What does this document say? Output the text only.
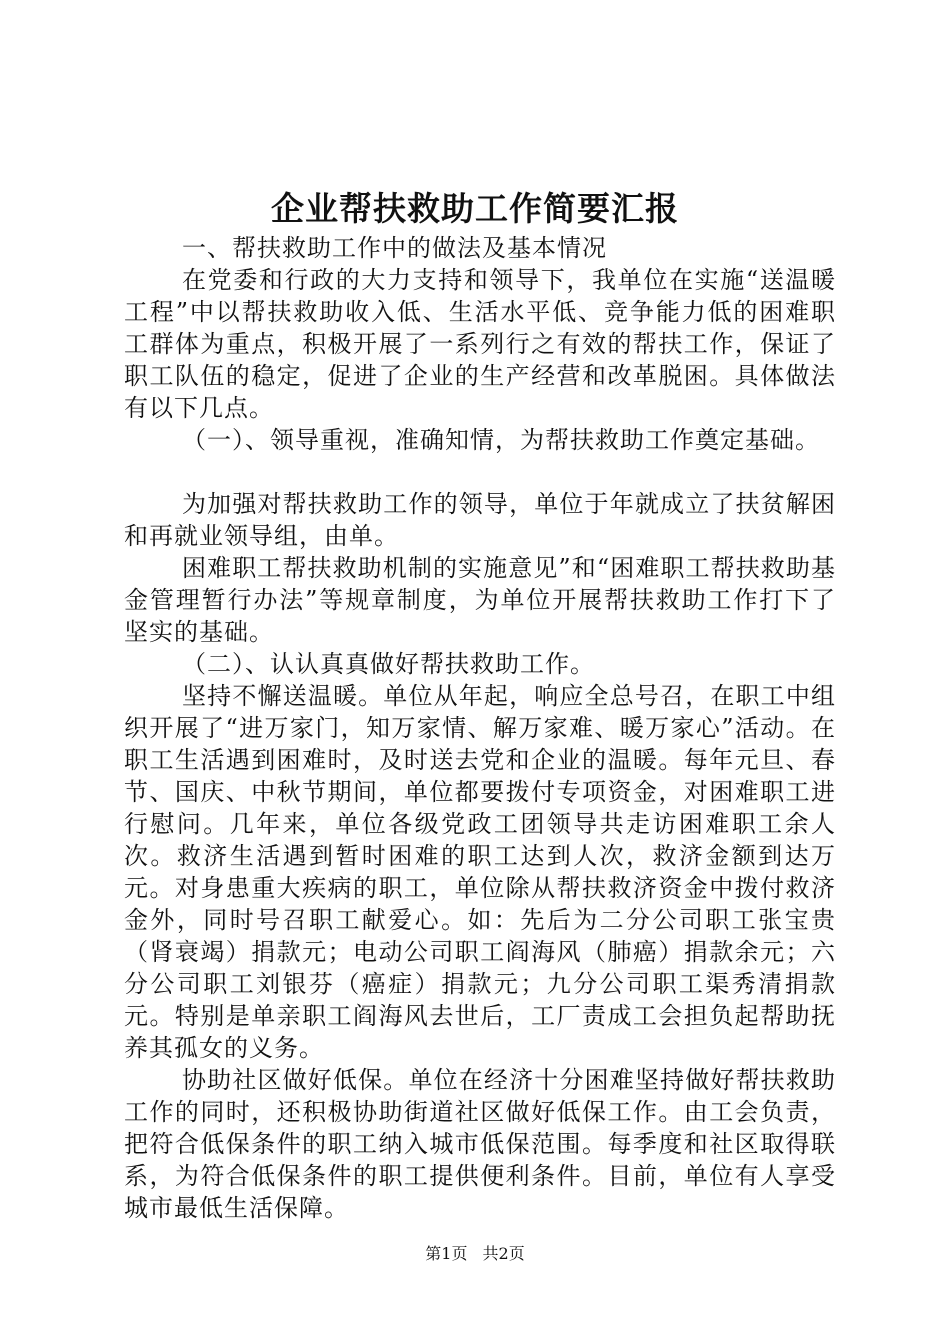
企业帮扶救助工作简要汇报

一、帮扶救助工作中的做法及基本情况

在党委和行政的大力支持和领导下，我单位在实施“送温暖工程”中以帮扶救助收入低、生活水平低、竞争能力低的困难职工群体为重点，积极开展了一系列行之有效的帮扶工作，保证了职工队伍的稳定，促进了企业的生产经营和改革脱困。具体做法有以下几点。

（一）、领导重视，准确知情，为帮扶救助工作奠定基础。

为加强对帮扶救助工作的领导，单位于年就成立了扶贫解困和再就业领导组，由单。

困难职工帮扶救助机制的实施意见”和“困难职工帮扶救助基金管理暂行办法”等规章制度，为单位开展帮扶救助工作打下了坚实的基础。

（二）、认认真真做好帮扶救助工作。

坚持不懈送温暖。单位从年起，响应全总号召，在职工中组织开展了“进万家门，知万家情、解万家难、暖万家心”活动。在职工生活遇到困难时，及时送去党和企业的温暖。每年元旦、春节、国庆、中秋节期间，单位都要拨付专项资金，对困难职工进行慰问。几年来，单位各级党政工团领导共走访困难职工余人次。救济生活遇到暂时困难的职工达到人次，救济金额到达万元。对身患重大疾病的职工，单位除从帮扶救济资金中拨付救济金外，同时号召职工献爱心。如：先后为二分公司职工张宝贵（肾衰竭）捐款元；电动公司职工阎海风（肺癌）捐款余元；六分公司职工刘银芬（癌症）捐款元；九分公司职工渠秀清捐款元。特别是单亲职工阎海风去世后，工厂责成工会担负起帮助抚养其孤女的义务。

协助社区做好低保。单位在经济十分困难坚持做好帮扶救助工作的同时，还积极协助街道社区做好低保工作。由工会负责，把符合低保条件的职工纳入城市低保范围。每季度和社区取得联系，为符合低保条件的职工提供便利条件。目前，单位有人享受城市最低生活保障。

第1页 共2页
